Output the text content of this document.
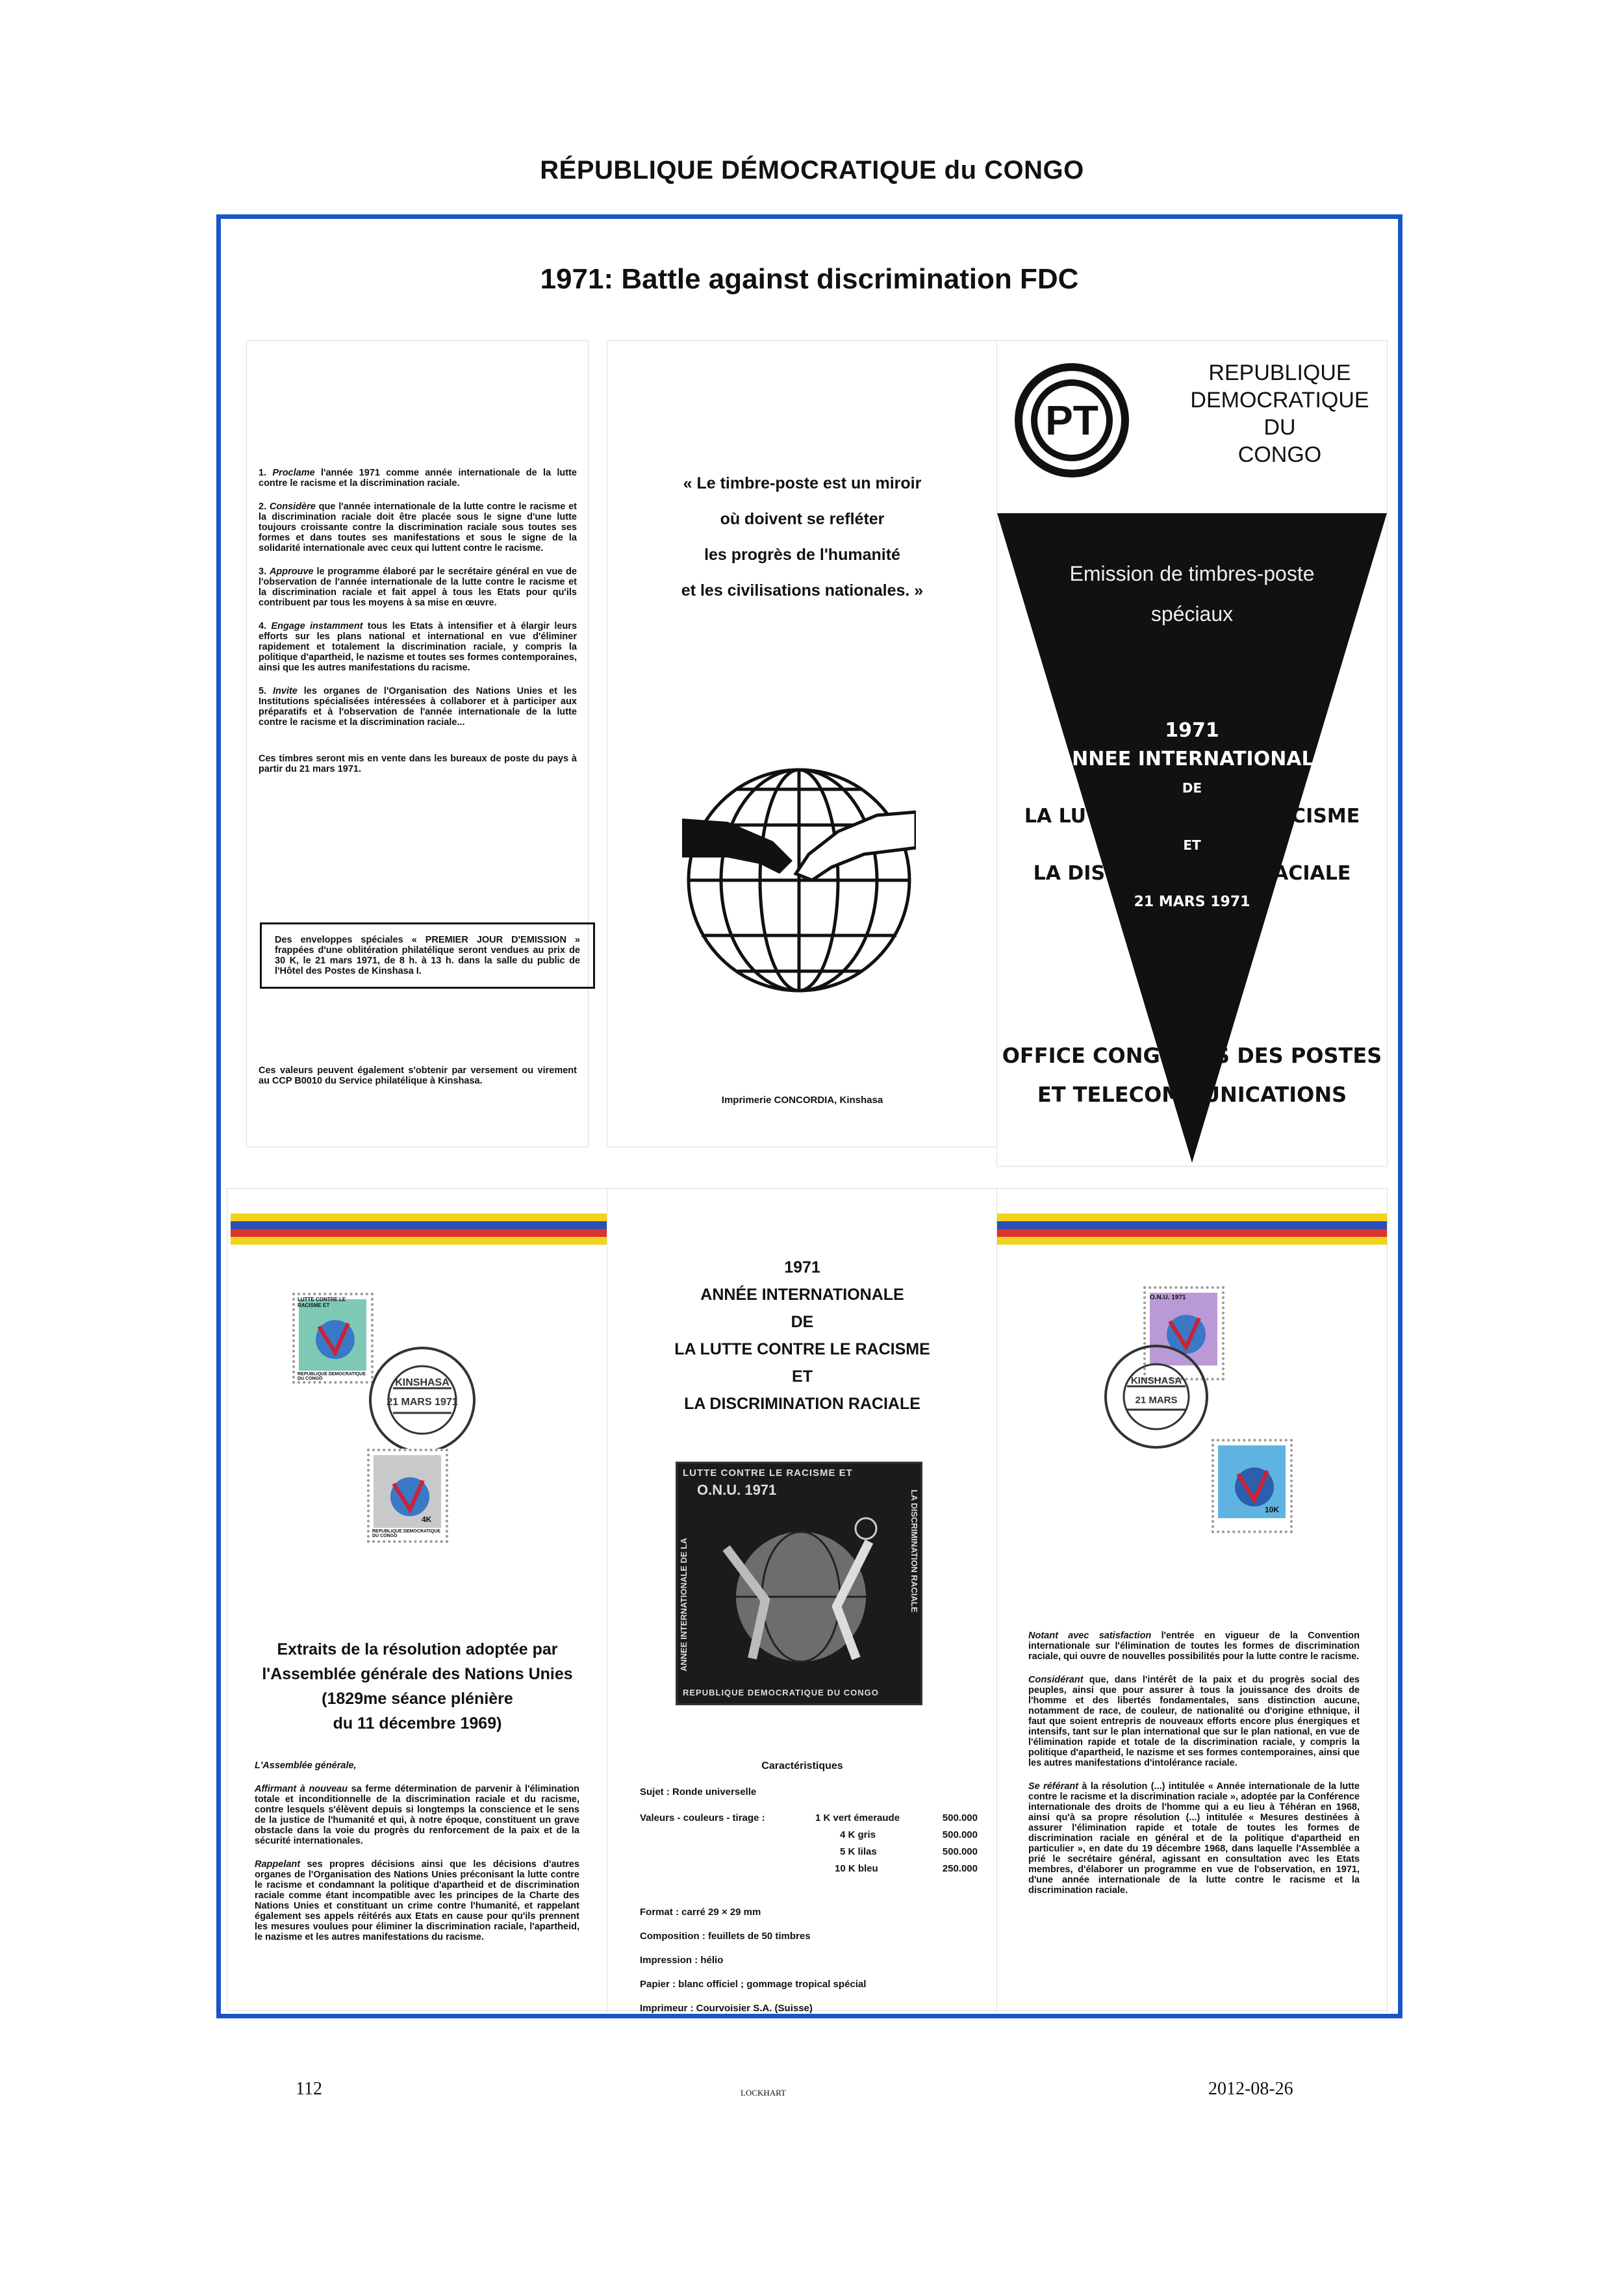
RÉPUBLIQUE DÉMOCRATIQUE du CONGO
1971: Battle against discrimination FDC

1. Proclame l'année 1971 comme année internationale de la lutte contre le racisme et la discrimination raciale.

2. Considère que l'année internationale de la lutte contre le racisme et la discrimination raciale doit être placée sous le signe d'une lutte toujours croissante contre la discrimination raciale sous toutes ses formes et dans toutes ses manifestations et sous le signe de la solidarité internationale avec ceux qui luttent contre le racisme.

3. Approuve le programme élaboré par le secrétaire général en vue de l'observation de l'année internationale de la lutte contre le racisme et la discrimination raciale et fait appel à tous les Etats pour qu'ils contribuent par tous les moyens à sa mise en œuvre.

4. Engage instamment tous les Etats à intensifier et à élargir leurs efforts sur les plans national et international en vue d'éliminer rapidement et totalement la discrimination raciale, y compris la politique d'apartheid, le nazisme et toutes ses formes contemporaines, ainsi que les autres manifestations du racisme.

5. Invite les organes de l'Organisation des Nations Unies et les Institutions spécialisées intéressées à collaborer et à participer aux préparatifs et à l'observation de l'année internationale de la lutte contre le racisme et la discrimination raciale...

Ces timbres seront mis en vente dans les bureaux de poste du pays à partir du 21 mars 1971.

Des enveloppes spéciales « PREMIER JOUR D'EMISSION » frappées d'une oblitération philatélique seront vendues au prix de 30 K, le 21 mars 1971, de 8 h. à 13 h. dans la salle du public de l'Hôtel des Postes de Kinshasa I.

Ces valeurs peuvent également s'obtenir par versement ou virement au CCP B0010 du Service philatélique à Kinshasa.

« Le timbre-poste est un miroir
où doivent se refléter
les progrès de l'humanité
et les civilisations nationales. »
Imprimerie CONCORDIA, Kinshasa
PT
REPUBLIQUE
DEMOCRATIQUE
DU
CONGO
Emission de timbres-poste
spéciaux
1971
ANNEE INTERNATIONALE
DE
LA LUTTE CONTRE LE RACISME
ET
LA DISCRIMINATION RACIALE
21 MARS 1971
OFFICE CONGOLAIS DES POSTES
ET TELECOMMUNICATIONS
LUTTE CONTRE LE RACISME ET
REPUBLIQUE DEMOCRATIQUE DU CONGO	KINSHASA
21 MARS 1971
4K
REPUBLIQUE DEMOCRATIQUE DU CONGO
Extraits de la résolution adoptée par
l'Assemblée générale des Nations Unies
(1829me séance plénière
du 11 décembre 1969)

L'Assemblée générale,

Affirmant à nouveau sa ferme détermination de parvenir à l'élimination totale et inconditionnelle de la discrimination raciale et du racisme, contre lesquels s'élèvent depuis si longtemps la conscience et le sens de la justice de l'humanité et qui, à notre époque, constituent un grave obstacle dans la voie du progrès du renforcement de la paix et de la sécurité internationales.

Rappelant ses propres décisions ainsi que les décisions d'autres organes de l'Organisation des Nations Unies préconisant la lutte contre le racisme et condamnant la politique d'apartheid et de discrimination raciale comme étant incompatible avec les principes de la Charte des Nations Unies et constituant un crime contre l'humanité, et rappelant également ses appels réitérés aux Etats en cause pour qu'ils prennent les mesures voulues pour éliminer la discrimination raciale, l'apartheid, le nazisme et les autres manifestations du racisme.

1971
ANNÉE INTERNATIONALE
DE
LA LUTTE CONTRE LE RACISME
ET
LA DISCRIMINATION RACIALE
LUTTE CONTRE LE RACISME ET
O.N.U. 1971
ANNEE INTERNATIONALE DE LA	LA DISCRIMINATION RACIALE
REPUBLIQUE DEMOCRATIQUE DU CONGO
Caractéristiques
Sujet : Ronde universelle
Valeurs - couleurs - tirage :	1 K vert émeraude	500.000
4 K gris	500.000
5 K lilas	500.000
10 K bleu	250.000
Format : carré 29 × 29 mm
Composition : feuillets de 50 timbres
Impression : hélio
Papier : blanc officiel ; gommage tropical spécial
Imprimeur : Courvoisier S.A. (Suisse)
O.N.U. 1971
KINSHASA
21 MARS
10K

Notant avec satisfaction l'entrée en vigueur de la Convention internationale sur l'élimination de toutes les formes de discrimination raciale, qui ouvre de nouvelles possibilités pour la lutte contre le racisme.

Considérant que, dans l'intérêt de la paix et du progrès social des peuples, ainsi que pour assurer à tous la jouissance des droits de l'homme et des libertés fondamentales, sans distinction aucune, notamment de race, de couleur, de nationalité ou d'origine ethnique, il faut que soient entrepris de nouveaux efforts encore plus énergiques et intensifs, tant sur le plan international que sur le plan national, en vue de l'élimination rapide et totale de la discrimination raciale, y compris la politique d'apartheid, le nazisme et ses formes contemporaines, ainsi que les autres manifestations d'intolérance raciale.

Se référant à la résolution (...) intitulée « Année internationale de la lutte contre le racisme et la discrimination raciale », adoptée par la Conférence internationale des droits de l'homme qui a eu lieu à Téhéran en 1968, ainsi qu'à sa propre résolution (...) intitulée « Mesures destinées à assurer l'élimination rapide et totale de toutes les formes de discrimination raciale en général et de la politique d'apartheid en particulier », en date du 19 décembre 1968, dans laquelle l'Assemblée a prié le secrétaire général, agissant en consultation avec les Etats membres, d'élaborer un programme en vue de l'observation, en 1971, d'une année internationale de la lutte contre le racisme et la discrimination raciale.

112	LOCKHART	2012-08-26
